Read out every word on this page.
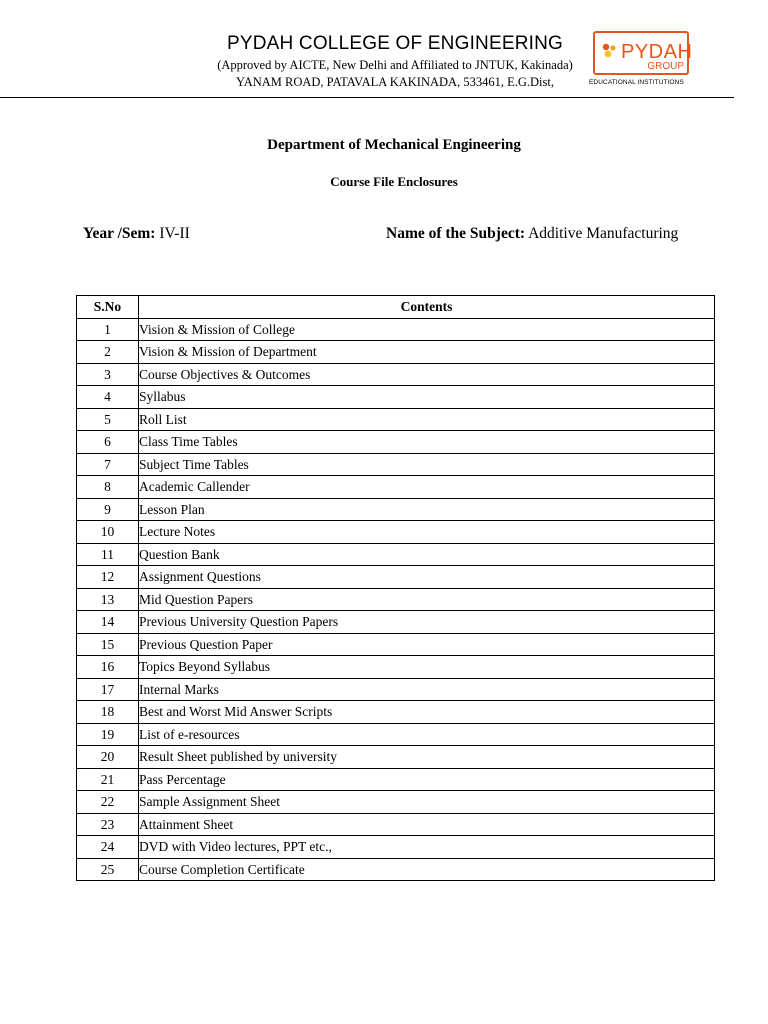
PYDAH COLLEGE OF ENGINEERING
(Approved by AICTE, New Delhi and Affiliated to JNTUK, Kakinada)
YANAM ROAD, PATAVALA KAKINADA, 533461, E.G.Dist,
PYDAH
GROUP
EDUCATIONAL INSTITUTIONS
Department of Mechanical Engineering
Course File Enclosures
Year /Sem: IV-II	Name of the Subject: Additive Manufacturing
S.No	Contents
1	Vision & Mission of College
2	Vision & Mission of Department
3	Course Objectives & Outcomes
4	Syllabus
5	Roll List
6	Class Time Tables
7	Subject Time Tables
8	Academic Callender
9	Lesson Plan
10	Lecture Notes
11	Question Bank
12	Assignment Questions
13	Mid Question Papers
14	Previous University Question Papers
15	Previous Question Paper
16	Topics Beyond Syllabus
17	Internal Marks
18	Best and Worst Mid Answer Scripts
19	List of e-resources
20	Result Sheet published by university
21	Pass Percentage
22	Sample Assignment Sheet
23	Attainment Sheet
24	DVD with Video lectures, PPT etc.,
25	Course Completion Certificate
